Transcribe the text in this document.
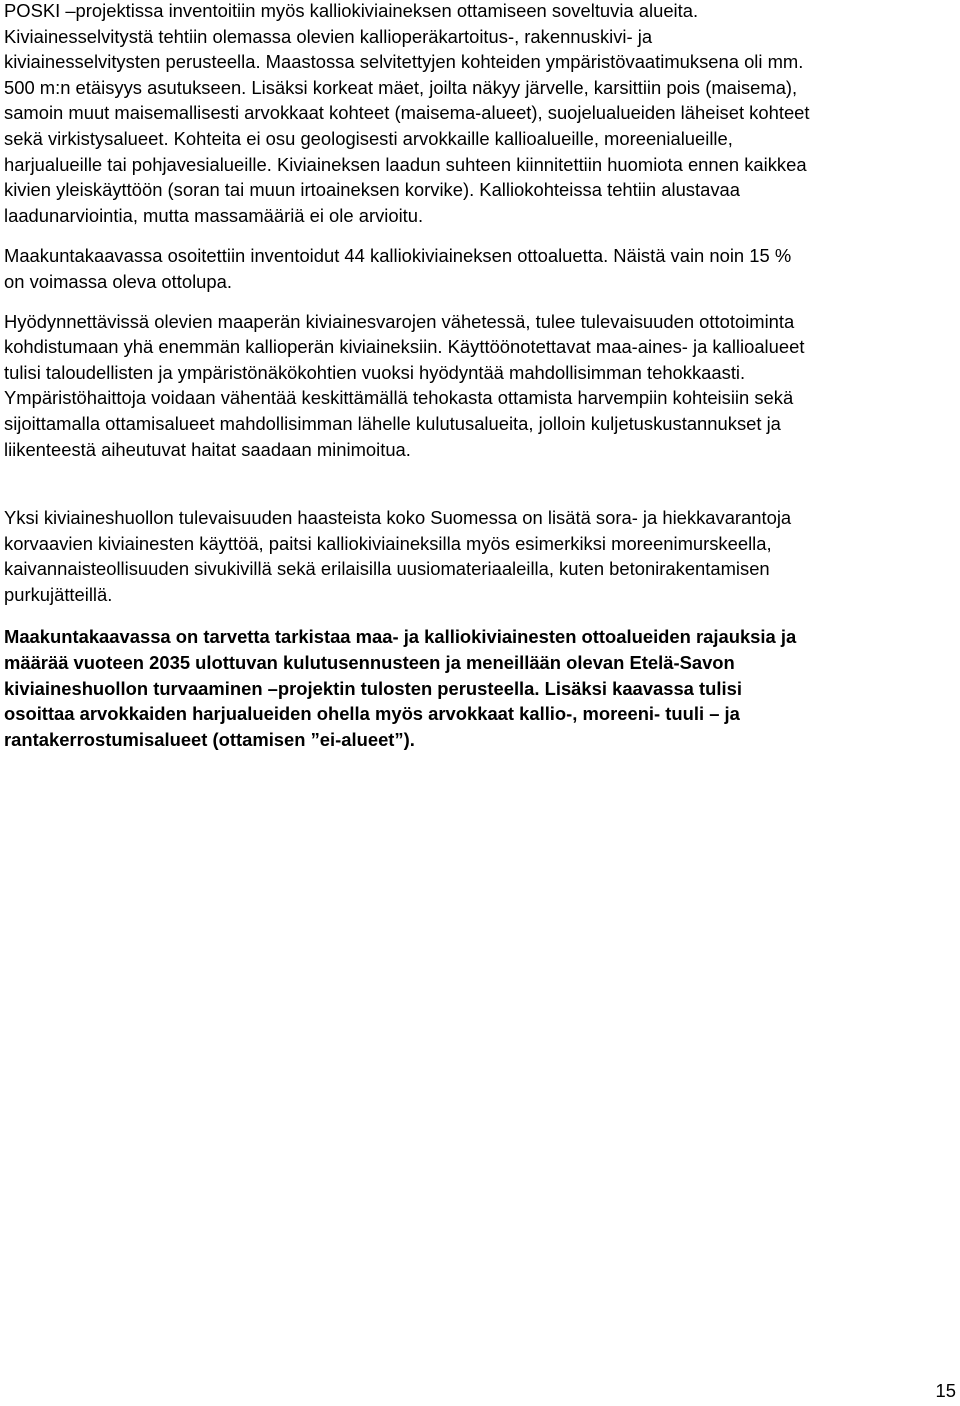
POSKI –projektissa inventoitiin myös kalliokiviaineksen ottamiseen soveltuvia alueita.
Kiviainesselvitystä tehtiin olemassa olevien kallioperäkartoitus-, rakennuskivi- ja
kiviainesselvitysten perusteella. Maastossa selvitettyjen kohteiden ympäristövaatimuksena oli mm.
500 m:n etäisyys asutukseen. Lisäksi korkeat mäet, joilta näkyy järvelle, karsittiin pois (maisema),
samoin muut maisemallisesti arvokkaat kohteet (maisema-alueet), suojelualueiden läheiset kohteet
sekä virkistysalueet. Kohteita ei osu geologisesti arvokkaille kallioalueille, moreenialueille,
harjualueille tai pohjavesialueille. Kiviaineksen laadun suhteen kiinnitettiin huomiota ennen kaikkea
kivien yleiskäyttöön (soran tai muun irtoaineksen korvike). Kalliokohteissa tehtiin alustavaa
laadunarviointia, mutta massamääriä ei ole arvioitu.

Maakuntakaavassa osoitettiin inventoidut 44 kalliokiviaineksen ottoaluetta. Näistä vain noin 15 %
on voimassa oleva ottolupa.

Hyödynnettävissä olevien maaperän kiviainesvarojen vähetessä, tulee tulevaisuuden ottotoiminta
kohdistumaan yhä enemmän kallioperän kiviaineksiin. Käyttöönotettavat maa-aines- ja kallioalueet
tulisi taloudellisten ja ympäristönäkökohtien vuoksi hyödyntää mahdollisimman tehokkaasti.
Ympäristöhaittoja voidaan vähentää keskittämällä tehokasta ottamista harvempiin kohteisiin sekä
sijoittamalla ottamisalueet mahdollisimman lähelle kulutusalueita, jolloin kuljetuskustannukset ja
liikenteestä aiheutuvat haitat saadaan minimoitua.

Yksi kiviaineshuollon tulevaisuuden haasteista koko Suomessa on lisätä sora- ja hiekkavarantoja
korvaavien kiviainesten käyttöä, paitsi kalliokiviaineksilla myös esimerkiksi moreenimurskeella,
kaivannaisteollisuuden sivukivillä sekä erilaisilla uusiomateriaaleilla, kuten betonirakentamisen
purkujätteillä.

Maakuntakaavassa on tarvetta tarkistaa maa- ja kalliokiviainesten ottoalueiden rajauksia ja
määrää vuoteen 2035 ulottuvan kulutusennusteen ja meneillään olevan Etelä-Savon
kiviaineshuollon turvaaminen –projektin tulosten perusteella. Lisäksi kaavassa tulisi
osoittaa arvokkaiden harjualueiden ohella myös arvokkaat kallio-, moreeni- tuuli – ja
rantakerrostumisalueet (ottamisen ”ei-alueet”).

15
